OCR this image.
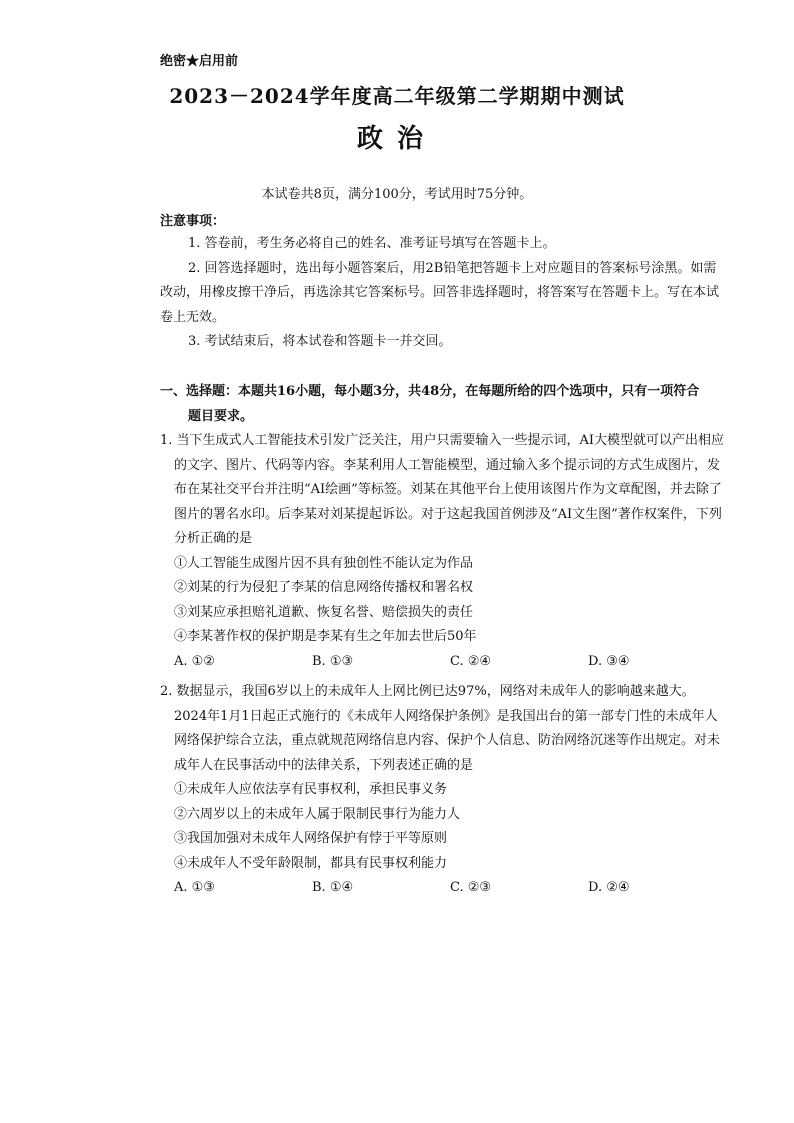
绝密★启用前
2023－2024学年度高二年级第二学期期中测试
政治
本试卷共8页，满分100分，考试用时75分钟。
注意事项：

1. 答卷前，考生务必将自己的姓名、准考证号填写在答题卡上。

2. 回答选择题时，选出每小题答案后，用2B铅笔把答题卡上对应题目的答案标号涂黑。如需改动，用橡皮擦干净后，再选涂其它答案标号。回答非选择题时，将答案写在答题卡上。写在本试卷上无效。

3. 考试结束后，将本试卷和答题卡一并交回。

一、选择题：本题共16小题，每小题3分，共48分，在每题所给的四个选项中，只有一项符合

题目要求。

1. 当下生成式人工智能技术引发广泛关注，用户只需要输入一些提示词，AI大模型就可以产出相应的文字、图片、代码等内容。李某利用人工智能模型，通过输入多个提示词的方式生成图片，发布在某社交平台并注明“AI绘画”等标签。刘某在其他平台上使用该图片作为文章配图，并去除了图片的署名水印。后李某对刘某提起诉讼。对于这起我国首例涉及“AI文生图”著作权案件，下列分析正确的是

①人工智能生成图片因不具有独创性不能认定为作品

②刘某的行为侵犯了李某的信息网络传播权和署名权

③刘某应承担赔礼道歉、恢复名誉、赔偿损失的责任

④李某著作权的保护期是李某有生之年加去世后50年

A. ①②	B. ①③	C. ②④	D. ③④

2. 数据显示，我国6岁以上的未成年人上网比例已达97%，网络对未成年人的影响越来越大。2024年1月1日起正式施行的《未成年人网络保护条例》是我国出台的第一部专门性的未成年人网络保护综合立法，重点就规范网络信息内容、保护个人信息、防治网络沉迷等作出规定。对未成年人在民事活动中的法律关系，下列表述正确的是

①未成年人应依法享有民事权利，承担民事义务

②六周岁以上的未成年人属于限制民事行为能力人

③我国加强对未成年人网络保护有悖于平等原则

④未成年人不受年龄限制，都具有民事权利能力

A. ①③	B. ①④	C. ②③	D. ②④
